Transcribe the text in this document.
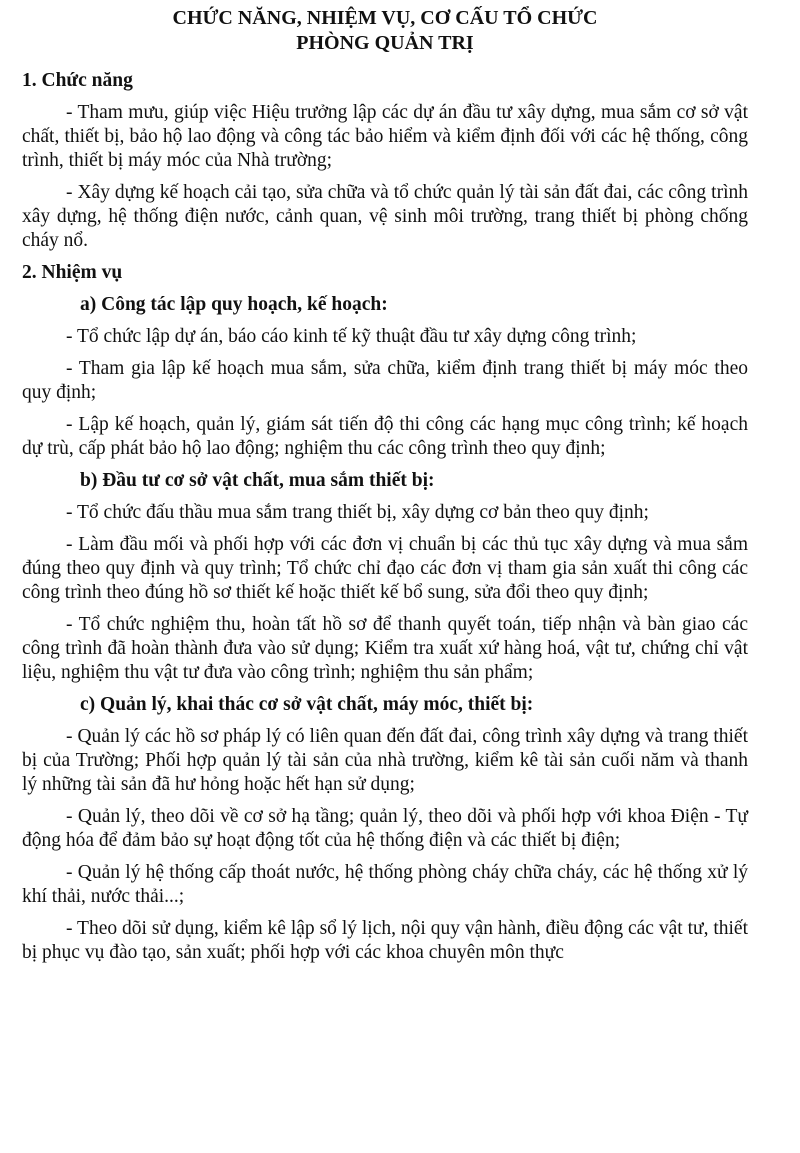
CHỨC NĂNG, NHIỆM VỤ, CƠ CẤU TỔ CHỨC

PHÒNG QUẢN TRỊ

1. Chức năng

- Tham mưu, giúp việc Hiệu trưởng lập các dự án đầu tư xây dựng, mua sắm cơ sở vật chất, thiết bị, bảo hộ lao động và công tác bảo hiểm và kiểm định đối với các hệ thống, công trình, thiết bị máy móc của Nhà trường;

- Xây dựng kế hoạch cải tạo, sửa chữa và tổ chức quản lý tài sản đất đai, các công trình xây dựng, hệ thống điện nước, cảnh quan, vệ sinh môi trường, trang thiết bị phòng chống cháy nổ.

2. Nhiệm vụ

a) Công tác lập quy hoạch, kế hoạch:

- Tổ chức lập dự án, báo cáo kinh tế kỹ thuật đầu tư xây dựng công trình;

- Tham gia lập kế hoạch mua sắm, sửa chữa, kiểm định trang thiết bị máy móc theo quy định;

- Lập kế hoạch, quản lý, giám sát tiến độ thi công các hạng mục công trình; kế hoạch dự trù, cấp phát bảo hộ lao động; nghiệm thu các công trình theo quy định;

b) Đầu tư cơ sở vật chất, mua sắm thiết bị:

- Tổ chức đấu thầu mua sắm trang thiết bị, xây dựng cơ bản theo quy định;

- Làm đầu mối và phối hợp với các đơn vị chuẩn bị các thủ tục xây dựng và mua sắm đúng theo quy định và quy trình; Tổ chức chỉ đạo các đơn vị tham gia sản xuất thi công các công trình theo đúng hồ sơ thiết kế hoặc thiết kế bổ sung, sửa đổi theo quy định;

- Tổ chức nghiệm thu, hoàn tất hồ sơ để thanh quyết toán, tiếp nhận và bàn giao các công trình đã hoàn thành đưa vào sử dụng; Kiểm tra xuất xứ hàng hoá, vật tư, chứng chỉ vật liệu, nghiệm thu vật tư đưa vào công trình; nghiệm thu sản phẩm;

c) Quản lý, khai thác cơ sở vật chất, máy móc, thiết bị:

- Quản lý các hồ sơ pháp lý có liên quan đến đất đai, công trình xây dựng và trang thiết bị của Trường; Phối hợp quản lý tài sản của nhà trường, kiểm kê tài sản cuối năm và thanh lý những tài sản đã hư hỏng hoặc hết hạn sử dụng;

- Quản lý, theo dõi về cơ sở hạ tầng; quản lý, theo dõi và phối hợp với khoa Điện - Tự động hóa để đảm bảo sự hoạt động tốt của hệ thống điện và các thiết bị điện;

- Quản lý hệ thống cấp thoát nước, hệ thống phòng cháy chữa cháy, các hệ thống xử lý khí thải, nước thải...;

- Theo dõi sử dụng, kiểm kê lập sổ lý lịch, nội quy vận hành, điều động các vật tư, thiết bị phục vụ đào tạo, sản xuất; phối hợp với các khoa chuyên môn thực
